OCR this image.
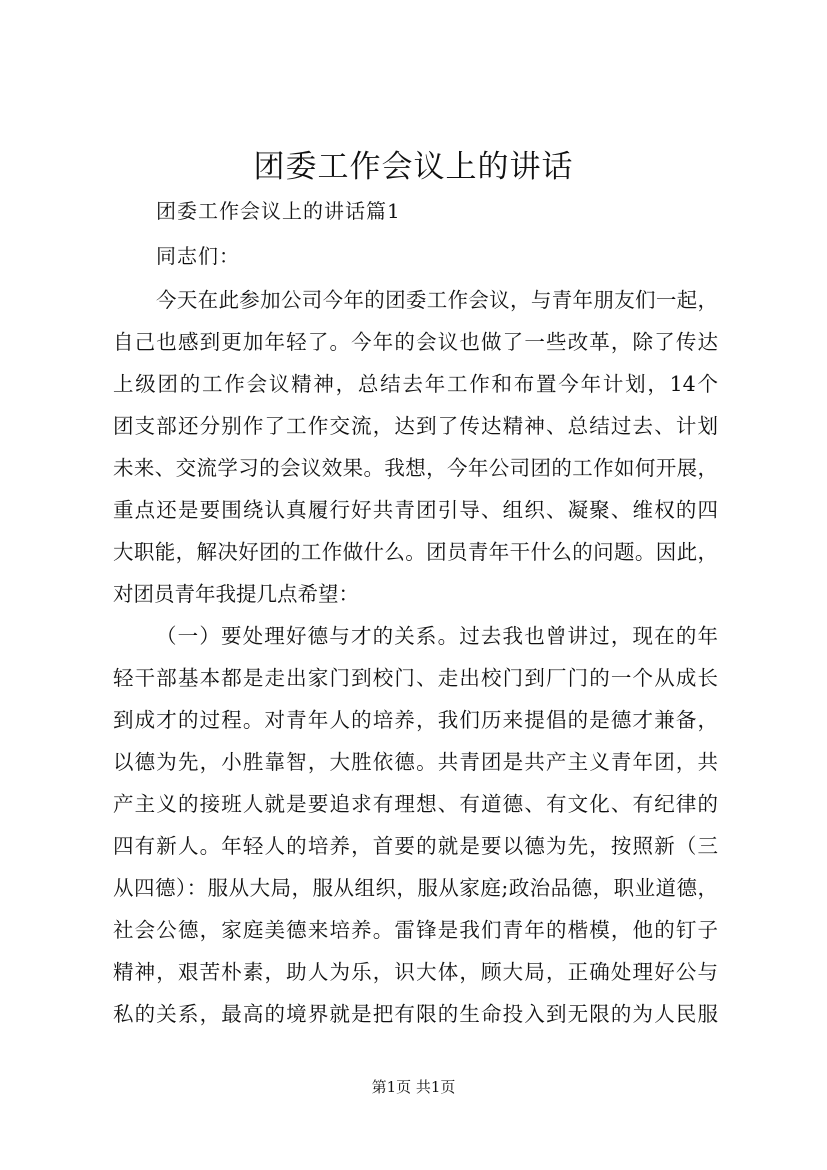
团委工作会议上的讲话
团委工作会议上的讲话篇1
同志们：
今天在此参加公司今年的团委工作会议，与青年朋友们一起，
自己也感到更加年轻了。今年的会议也做了一些改革，除了传达
上级团的工作会议精神，总结去年工作和布置今年计划，14个
团支部还分别作了工作交流，达到了传达精神、总结过去、计划
未来、交流学习的会议效果。我想，今年公司团的工作如何开展，
重点还是要围绕认真履行好共青团引导、组织、凝聚、维权的四
大职能，解决好团的工作做什么。团员青年干什么的问题。因此，
对团员青年我提几点希望：
（一）要处理好德与才的关系。过去我也曾讲过，现在的年
轻干部基本都是走出家门到校门、走出校门到厂门的一个从成长
到成才的过程。对青年人的培养，我们历来提倡的是德才兼备，
以德为先，小胜靠智，大胜依德。共青团是共产主义青年团，共
产主义的接班人就是要追求有理想、有道德、有文化、有纪律的
四有新人。年轻人的培养，首要的就是要以德为先，按照新（三
从四德）：服从大局，服从组织，服从家庭;政治品德，职业道德，
社会公德，家庭美德来培养。雷锋是我们青年的楷模，他的钉子
精神，艰苦朴素，助人为乐，识大体，顾大局，正确处理好公与
私的关系，最高的境界就是把有限的生命投入到无限的为人民服
第1页 共1页
